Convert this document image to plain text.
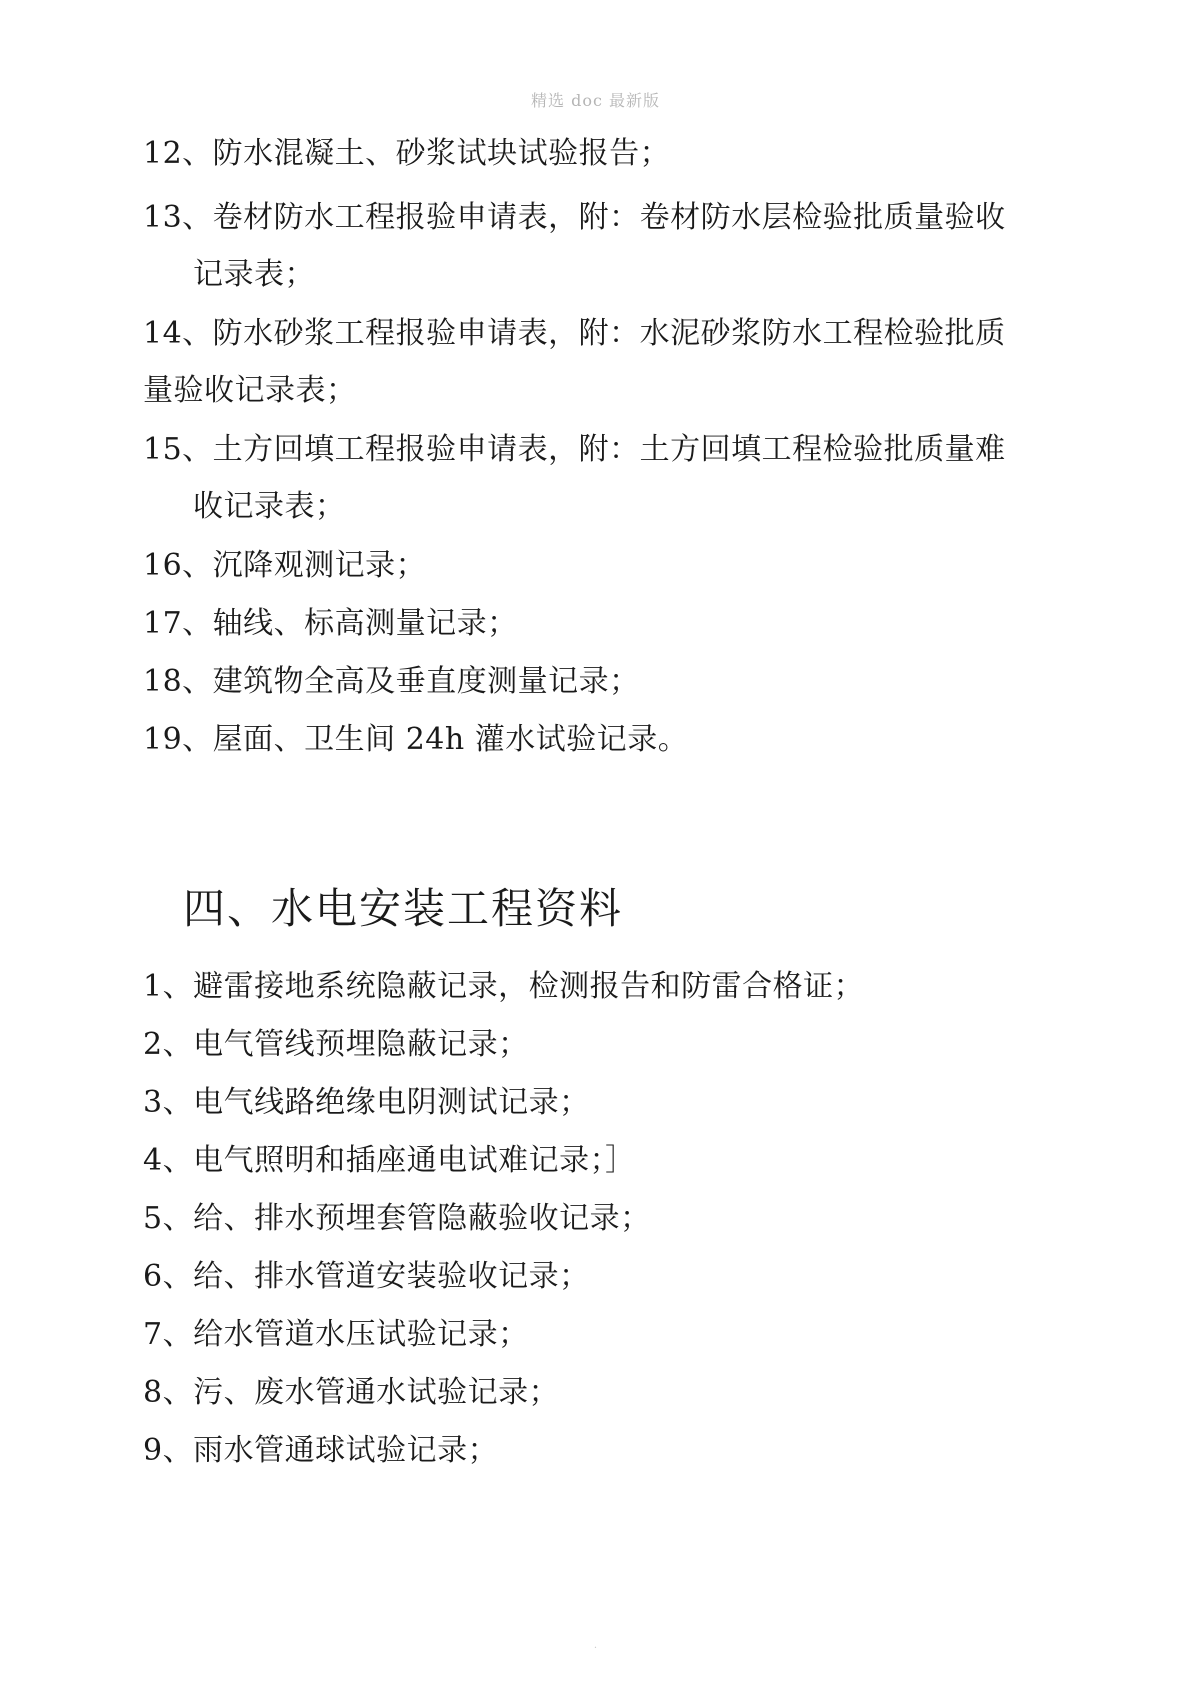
精选 doc 最新版
12、防水混凝土、砂浆试块试验报告；
13、卷材防水工程报验申请表，附：卷材防水层检验批质量验收
记录表；
14、防水砂浆工程报验申请表，附：水泥砂浆防水工程检验批质
量验收记录表；
15、土方回填工程报验申请表，附：土方回填工程检验批质量难
收记录表；
16、沉降观测记录；
17、轴线、标高测量记录；
18、建筑物全高及垂直度测量记录；
19、屋面、卫生间 24h 灌水试验记录。
四、水电安装工程资料
1、避雷接地系统隐蔽记录，检测报告和防雷合格证；
2、电气管线预埋隐蔽记录；
3、电气线路绝缘电阴测试记录；
4、电气照明和插座通电试难记录；］
5、给、排水预埋套管隐蔽验收记录；
6、给、排水管道安装验收记录；
7、给水管道水压试验记录；
8、污、废水管通水试验记录；
9、雨水管通球试验记录；
.
